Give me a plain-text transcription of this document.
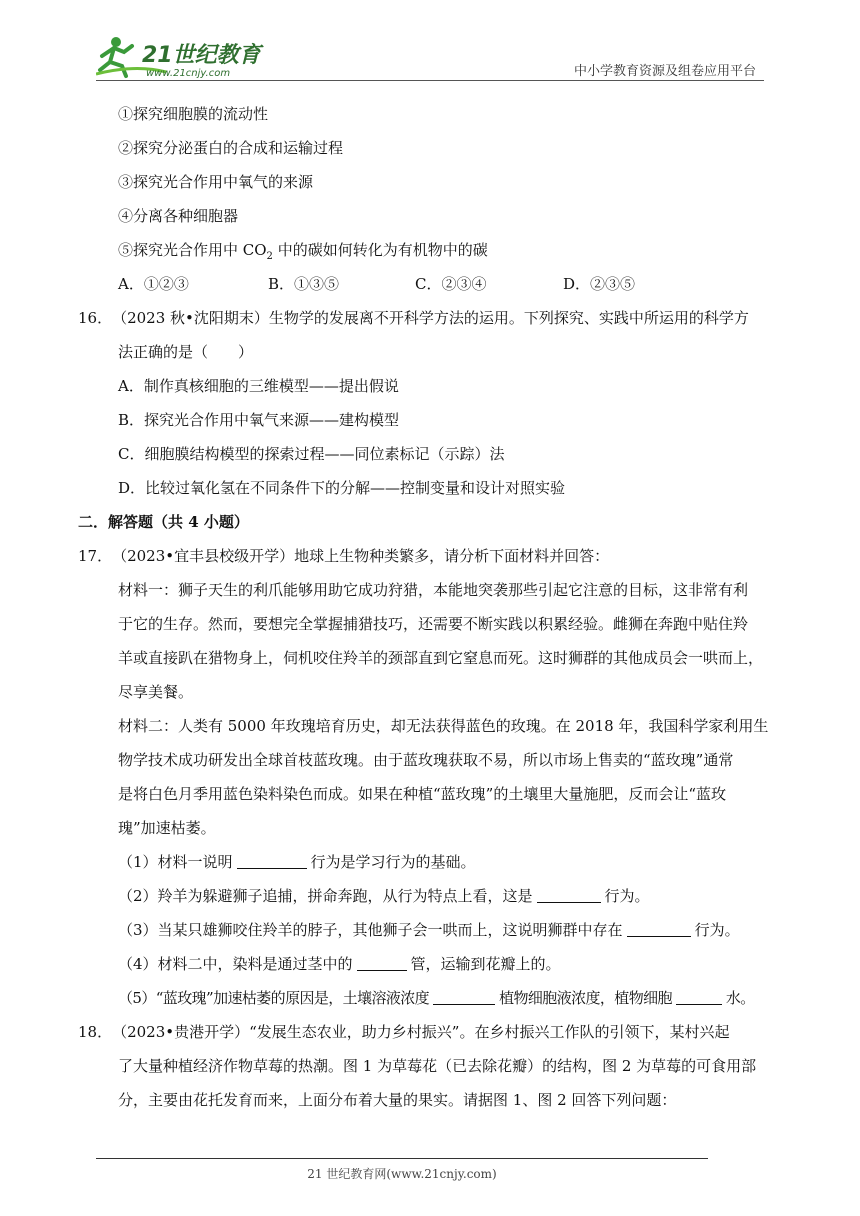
21世纪教育
www.21cnjy.com	中小学教育资源及组卷应用平台
①探究细胞膜的流动性
②探究分泌蛋白的合成和运输过程
③探究光合作用中氧气的来源
④分离各种细胞器
⑤探究光合作用中 $CO_2$ 中的碳如何转化为有机物中的碳
A．①②③	B．①③⑤	C．②③④	D．②③⑤
16．（2023 秋•沈阳期末）生物学的发展离不开科学方法的运用。下列探究、实践中所运用的科学方
法正确的是（　　）
A．制作真核细胞的三维模型——提出假说
B．探究光合作用中氧气来源——建构模型
C．细胞膜结构模型的探索过程——同位素标记（示踪）法
D．比较过氧化氢在不同条件下的分解——控制变量和设计对照实验
二．解答题（共 4 小题）
17．（2023•宜丰县校级开学）地球上生物种类繁多，请分析下面材料并回答：
材料一：狮子天生的利爪能够用助它成功狩猎，本能地突袭那些引起它注意的目标，这非常有利
于它的生存。然而，要想完全掌握捕猎技巧，还需要不断实践以积累经验。雌狮在奔跑中贴住羚
羊或直接趴在猎物身上，伺机咬住羚羊的颈部直到它窒息而死。这时狮群的其他成员会一哄而上，
尽享美餐。
材料二：人类有 5000 年玫瑰培育历史，却无法获得蓝色的玫瑰。在 2018 年，我国科学家利用生
物学技术成功研发出全球首枝蓝玫瑰。由于蓝玫瑰获取不易，所以市场上售卖的“蓝玫瑰”通常
是将白色月季用蓝色染料染色而成。如果在种植“蓝玫瑰”的土壤里大量施肥，反而会让“蓝玫
瑰”加速枯萎。
（1）材料一说明	行为是学习行为的基础。
（2）羚羊为躲避狮子追捕，拼命奔跑，从行为特点上看，这是	行为。
（3）当某只雄狮咬住羚羊的脖子，其他狮子会一哄而上，这说明狮群中存在	行为。
（4）材料二中，染料是通过茎中的	管，运输到花瓣上的。
（5）“蓝玫瑰”加速枯萎的原因是，土壤溶液浓度	植物细胞液浓度，植物细胞	水。
18．（2023•贵港开学）“发展生态农业，助力乡村振兴”。在乡村振兴工作队的引领下，某村兴起
了大量种植经济作物草莓的热潮。图 1 为草莓花（已去除花瓣）的结构，图 2 为草莓的可食用部
分，主要由花托发育而来，上面分布着大量的果实。请据图 1、图 2 回答下列问题：
21 世纪教育网(www.21cnjy.com)
